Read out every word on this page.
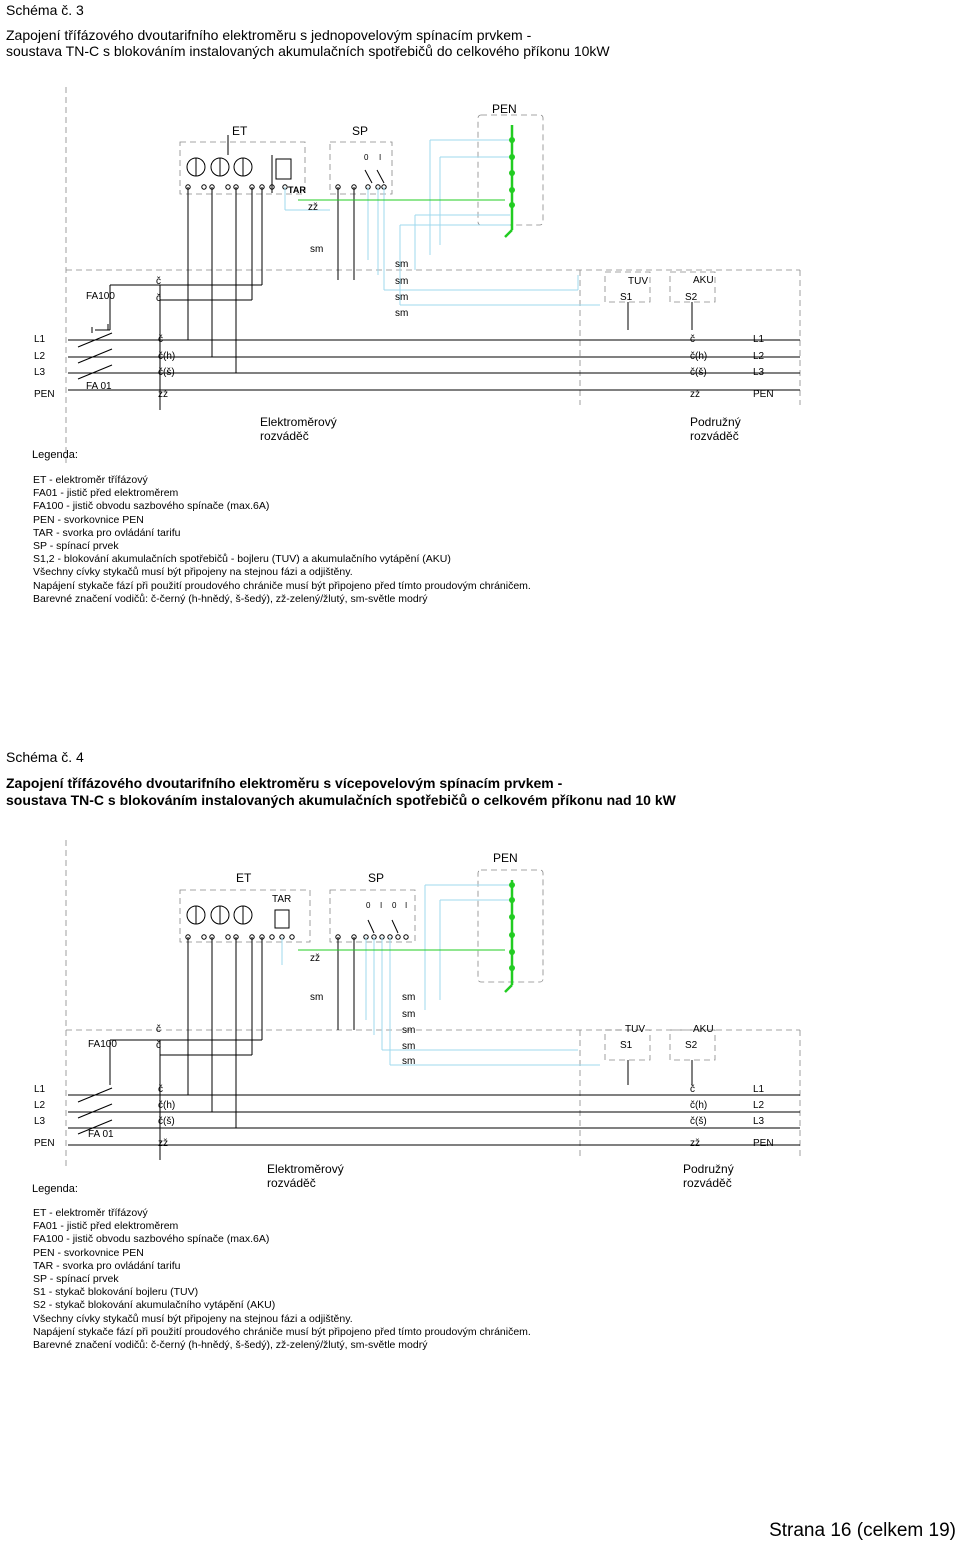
Schéma č. 3
Zapojení třífázového dvoutarifního elektroměru s jednopovelovým spínacím prvkem -
soustava TN-C s blokováním instalovaných akumulačních spotřebičů do celkového příkonu 10kW
ET	SP
PEN
0 I
TAR
zž
sm
sm
sm
sm
sm
č
č
FA100
TUV	AKU
S1	S2
L1
L2
L3
PEN
FA 01
č
č(h)
č(š)
zž
č
č(h)
č(š)
zž
L1
L2
L3
PEN
Elektroměrový
rozváděč
Podružný
rozváděč
Legenda:
ET - elektroměr třífázový
FA01 - jistič před elektroměrem
FA100 - jistič obvodu sazbového spínače (max.6A)
PEN - svorkovnice PEN
TAR - svorka pro ovládání tarifu
SP - spínací prvek
S1,2 - blokování akumulačních spotřebičů - bojleru (TUV) a akumulačního vytápění (AKU)
Všechny cívky stykačů musí být připojeny na stejnou fázi a odjištěny.
Napájení stykače fází při použití proudového chrániče musí být připojeno před tímto proudovým chráničem.
Barevné značení vodičů: č-černý (h-hnědý, š-šedý), zž-zelený/žlutý, sm-světle modrý
Schéma č. 4
Zapojení třífázového dvoutarifního elektroměru s vícepovelovým spínacím prvkem -
soustava TN-C s blokováním instalovaných akumulačních spotřebičů o celkovém příkonu nad 10 kW
ET	SP
PEN
TAR
0 I 0 I
zž
sm	sm
sm
sm
sm
sm
č
č
FA100
TUV	AKU
S1	S2
L1
L2
L3
PEN
FA 01
č
č(h)
č(š)
zž
č
č(h)
č(š)
zž
L1
L2
L3
PEN
Elektroměrový
rozváděč
Podružný
rozváděč
Legenda:
ET - elektroměr třífázový
FA01 - jistič před elektroměrem
FA100 - jistič obvodu sazbového spínače (max.6A)
PEN - svorkovnice PEN
TAR - svorka pro ovládání tarifu
SP - spínací prvek
S1 - stykač blokování bojleru (TUV)
S2 - stykač blokování akumulačního vytápění (AKU)
Všechny cívky stykačů musí být připojeny na stejnou fázi a odjištěny.
Napájení stykače fází při použití proudového chrániče musí být připojeno před tímto proudovým chráničem.
Barevné značení vodičů: č-černý (h-hnědý, š-šedý), zž-zelený/žlutý, sm-světle modrý
Strana 16 (celkem 19)
